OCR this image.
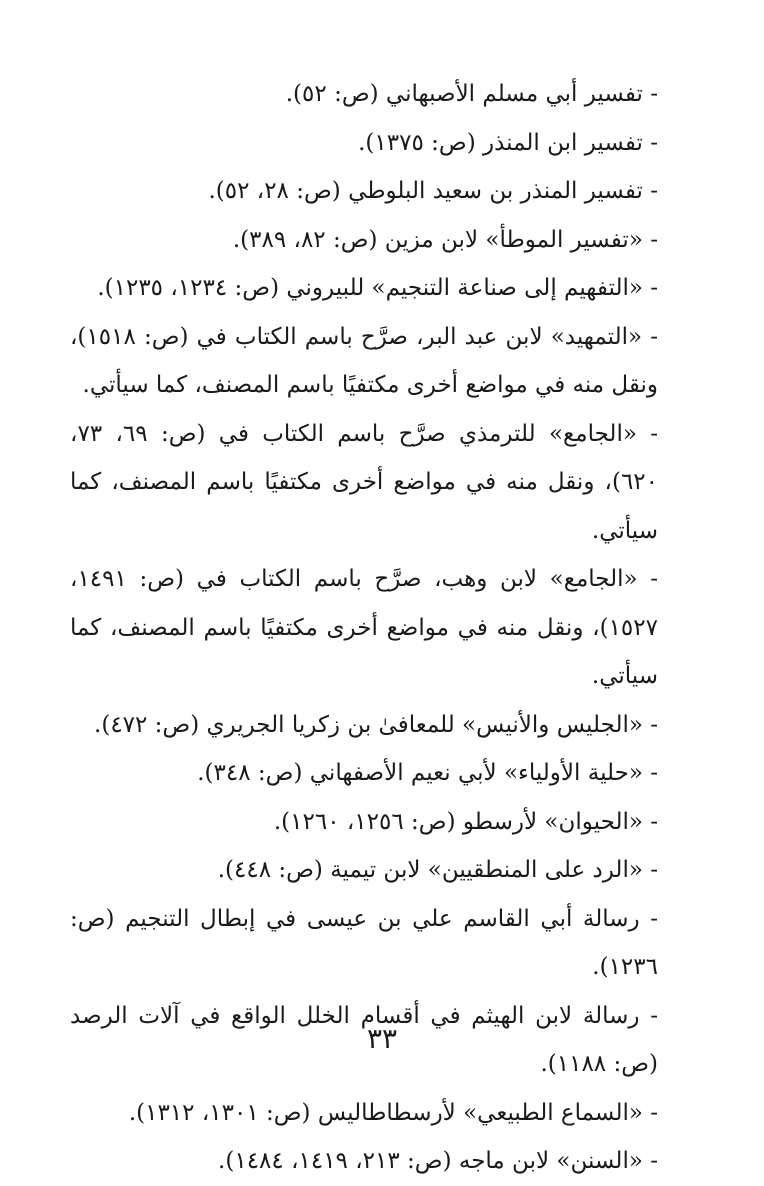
- تفسير أبي مسلم الأصبهاني (ص: ٥٢).

- تفسير ابن المنذر (ص: ١٣٧٥).

- تفسير المنذر بن سعيد البلوطي (ص: ٢٨، ٥٢).

- «تفسير الموطأ» لابن مزين (ص: ٨٢، ٣٨٩).

- «التفهيم إلى صناعة التنجيم» للبيروني (ص: ١٢٣٤، ١٢٣٥).

- «التمهيد» لابن عبد البر، صرَّح باسم الكتاب في (ص: ١٥١٨)، ونقل منه في مواضع أخرى مكتفيًا باسم المصنف، كما سيأتي.

- «الجامع» للترمذي صرَّح باسم الكتاب في (ص: ٦٩، ٧٣، ٦٢٠)، ونقل منه في مواضع أخرى مكتفيًا باسم المصنف، كما سيأتي.

- «الجامع» لابن وهب، صرَّح باسم الكتاب في (ص: ١٤٩١، ١٥٢٧)، ونقل منه في مواضع أخرى مكتفيًا باسم المصنف، كما سيأتي.

- «الجليس والأنيس» للمعافىٰ بن زكريا الجريري (ص: ٤٧٢).

- «حلية الأولياء» لأبي نعيم الأصفهاني (ص: ٣٤٨).

- «الحيوان» لأرسطو (ص: ١٢٥٦، ١٢٦٠).

- «الرد على المنطقيين» لابن تيمية (ص: ٤٤٨).

- رسالة أبي القاسم علي بن عيسى في إبطال التنجيم (ص: ١٢٣٦).

- رسالة لابن الهيثم في أقسام الخلل الواقع في آلات الرصد (ص: ١١٨٨).

- «السماع الطبيعي» لأرسطاطاليس (ص: ١٣٠١، ١٣١٢).

- «السنن» لابن ماجه (ص: ٢١٣، ١٤١٩، ١٤٨٤).

٣٣
